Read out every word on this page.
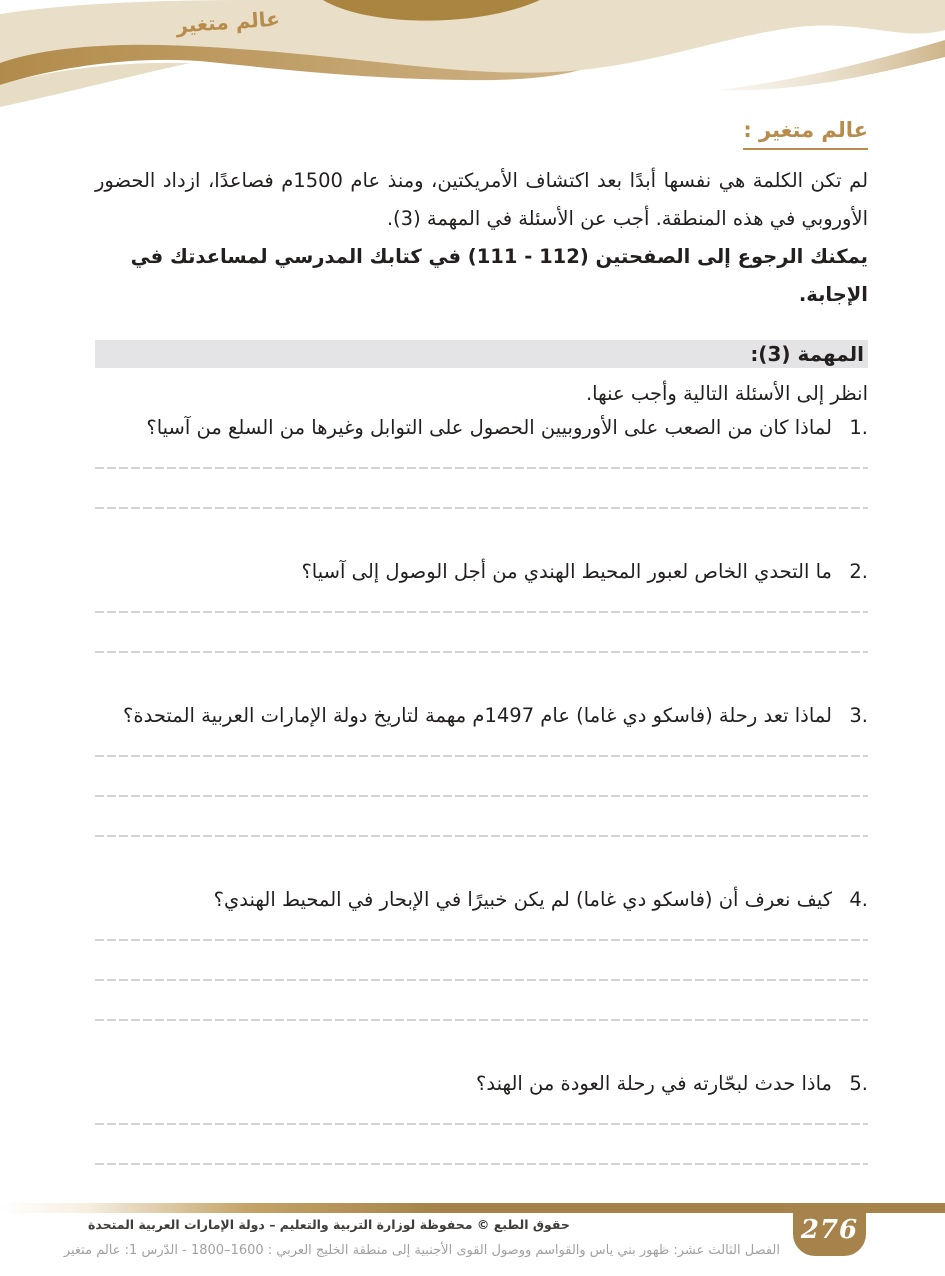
عالم متغير
عالم متغير :

لم تكن الكلمة هي نفسها أبدًا بعد اكتشاف الأمريكتين، ومنذ عام 1500م فصاعدًا، ازداد الحضور الأوروبي في هذه المنطقة. أجب عن الأسئلة في المهمة (3).

يمكنك الرجوع إلى الصفحتين (111 - 112) في كتابك المدرسي لمساعدتك في الإجابة.

المهمة (3):

انظر إلى الأسئلة التالية وأجب عنها.

1.
لماذا كان من الصعب على الأوروبيين الحصول على التوابل وغيرها من السلع من آسيا؟
2.
ما التحدي الخاص لعبور المحيط الهندي من أجل الوصول إلى آسيا؟
3.
لماذا تعد رحلة (فاسكو دي غاما) عام 1497م مهمة لتاريخ دولة الإمارات العربية المتحدة؟
4.
كيف نعرف أن (فاسكو دي غاما) لم يكن خبيرًا في الإبحار في المحيط الهندي؟
5.
ماذا حدث لبحّارته في رحلة العودة من الهند؟
276
حقوق الطبع © محفوظة لوزارة التربية والتعليم – دولة الإمارات العربية المتحدة
الفصل الثالث عشر: ظهور بني ياس والقواسم ووصول القوى الأجنبية إلى منطقة الخليج العربي : 1600–1800 - الدّرس 1: عالم متغير
